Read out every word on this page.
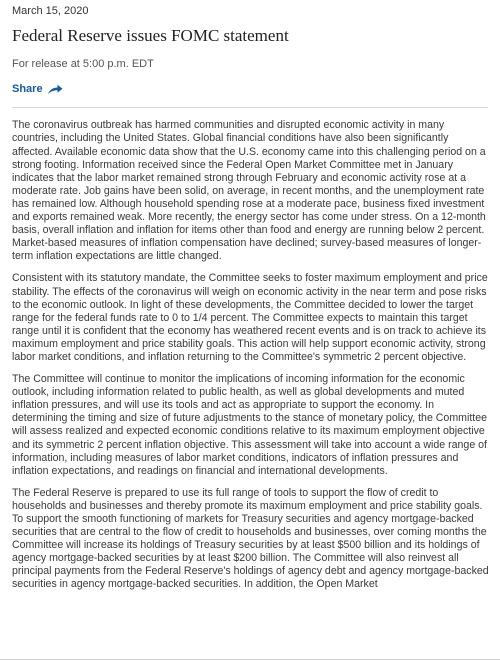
March 15, 2020
Federal Reserve issues FOMC statement
For release at 5:00 p.m. EDT
Share

The coronavirus outbreak has harmed communities and disrupted economic activity in many countries, including the United States. Global financial conditions have also been significantly affected. Available economic data show that the U.S. economy came into this challenging period on a strong footing. Information received since the Federal Open Market Committee met in January indicates that the labor market remained strong through February and economic activity rose at a moderate rate. Job gains have been solid, on average, in recent months, and the unemployment rate has remained low. Although household spending rose at a moderate pace, business fixed investment and exports remained weak. More recently, the energy sector has come under stress. On a 12-month basis, overall inflation and inflation for items other than food and energy are running below 2 percent. Market-based measures of inflation compensation have declined; survey-based measures of longer-term inflation expectations are little changed.

Consistent with its statutory mandate, the Committee seeks to foster maximum employment and price stability. The effects of the coronavirus will weigh on economic activity in the near term and pose risks to the economic outlook. In light of these developments, the Committee decided to lower the target range for the federal funds rate to 0 to 1/4 percent. The Committee expects to maintain this target range until it is confident that the economy has weathered recent events and is on track to achieve its maximum employment and price stability goals. This action will help support economic activity, strong labor market conditions, and inflation returning to the Committee's symmetric 2 percent objective.

The Committee will continue to monitor the implications of incoming information for the economic outlook, including information related to public health, as well as global developments and muted inflation pressures, and will use its tools and act as appropriate to support the economy. In determining the timing and size of future adjustments to the stance of monetary policy, the Committee will assess realized and expected economic conditions relative to its maximum employment objective and its symmetric 2 percent inflation objective. This assessment will take into account a wide range of information, including measures of labor market conditions, indicators of inflation pressures and inflation expectations, and readings on financial and international developments.

The Federal Reserve is prepared to use its full range of tools to support the flow of credit to households and businesses and thereby promote its maximum employment and price stability goals. To support the smooth functioning of markets for Treasury securities and agency mortgage-backed securities that are central to the flow of credit to households and businesses, over coming months the Committee will increase its holdings of Treasury securities by at least $500 billion and its holdings of agency mortgage-backed securities by at least $200 billion. The Committee will also reinvest all principal payments from the Federal Reserve's holdings of agency debt and agency mortgage-backed securities in agency mortgage-backed securities. In addition, the Open Market
